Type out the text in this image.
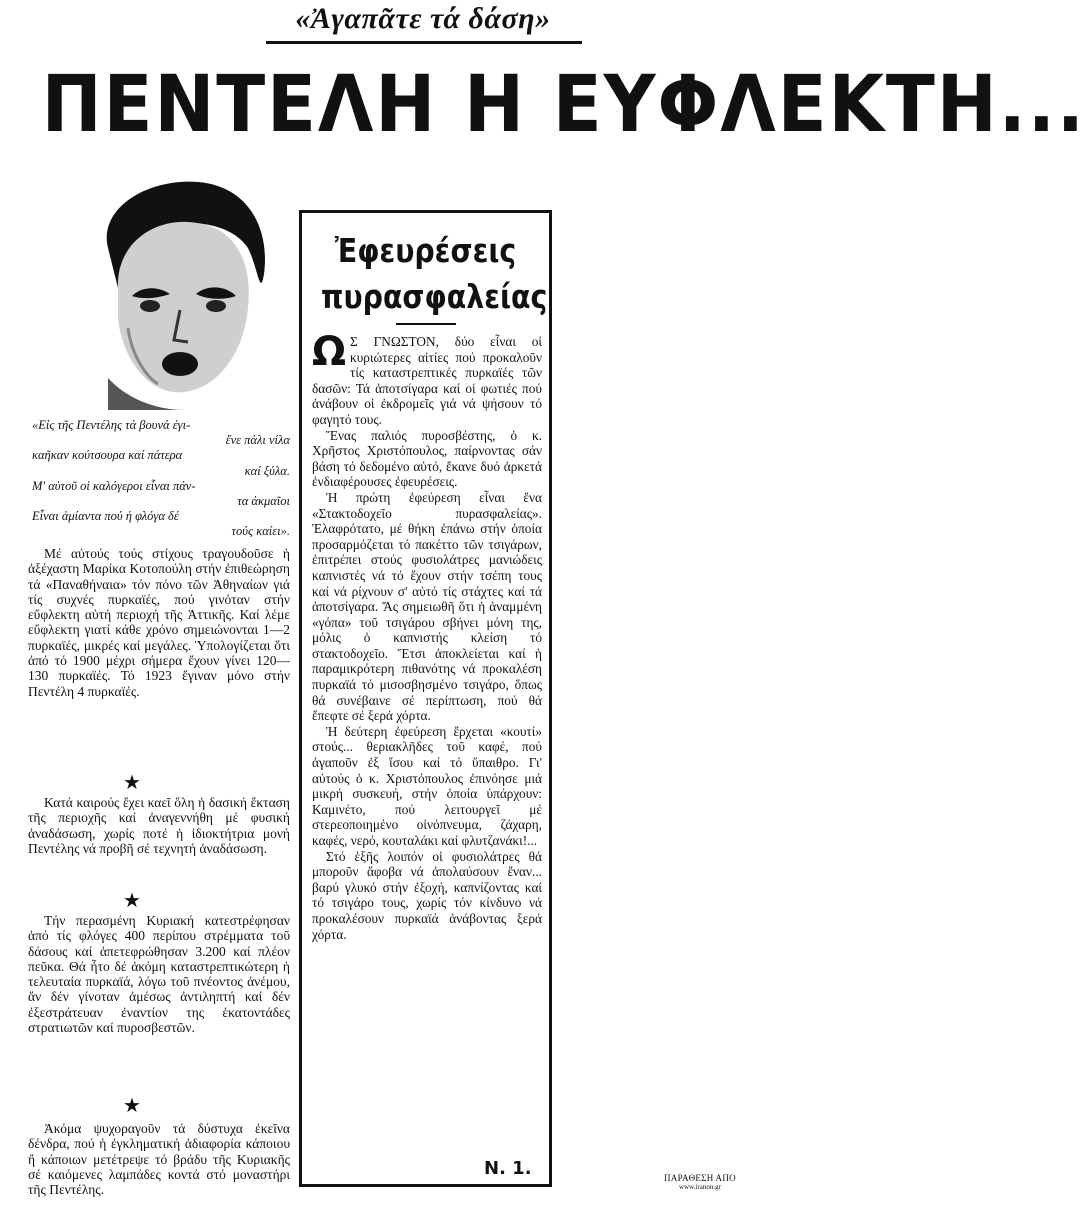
«Ἀγαπᾶτε τά δάση»
ΠΕΝΤΕΛΗ Η ΕΥΦΛΕΚΤΗ...
«Εἰς τῆς Πεντέλης τά βουνά ἐγι-
ἔνε πάλι νίλα
καῆκαν κούτσουρα καί πάτερα
καί ξύλα.
Μ' αὐτοῦ οἱ καλόγεροι εἶναι πάν-
τα ἀκμαῖοι
Εἶναι ἀμίαντα πού ἡ φλόγα δέ
τούς καίει».

Μέ αὐτούς τούς στίχους τραγουδοῦσε ἡ ἀξέχαστη Μαρίκα Κοτοπούλη στήν ἐπιθεώρηση τά «Παναθήναια» τόν πόνο τῶν Ἀθηναίων γιά τίς συχνές πυρκαϊές, πού γινόταν στήν εὔφλεκτη αὐτή περιοχή τῆς Ἀττικῆς. Καί λέμε εὔφλεκτη γιατί κάθε χρόνο σημειώνονται 1—2 πυρκαϊές, μικρές καί μεγάλες. Ὑπολογίζεται ὅτι ἀπό τό 1900 μέχρι σήμερα ἔχουν γίνει 120—130 πυρκαϊές. Τό 1923 ἔγιναν μόνο στήν Πεντέλη 4 πυρκαϊές.

★

Κατά καιρούς ἔχει καεῖ ὅλη ἡ δασική ἔκταση τῆς περιοχῆς καί ἀναγεννήθη μέ φυσική ἀναδάσωση, χωρίς ποτέ ἡ ἰδιοκτήτρια μονή Πεντέλης νά προβῆ σέ τεχνητή ἀναδάσωση.

★

Τήν περασμένη Κυριακή κατεστρέφησαν ἀπό τίς φλόγες 400 περίπου στρέμματα τοῦ δάσους καί ἀπετεφρώθησαν 3.200 καί πλέον πεῦκα. Θά ἦτο δέ ἀκόμη καταστρεπτικώτερη ἡ τελευταία πυρκαϊά, λόγω τοῦ πνέοντος ἀνέμου, ἄν δέν γίνοταν ἀμέσως ἀντιληπτή καί δέν ἐξεστράτευαν ἐναντίον της ἑκατοντάδες στρατιωτῶν καί πυροσβεστῶν.

★

Ἀκόμα ψυχοραγοῦν τά δύστυχα ἐκεῖνα δένδρα, πού ἡ ἐγκληματική ἀδιαφορία κάποιου ἤ κάποιων μετέτρεψε τό βράδυ τῆς Κυριακῆς σέ καιόμενες λαμπάδες κοντά στό μοναστήρι τῆς Πεντέλης.

Ἐφευρέσεις
πυρασφαλείας

Ω Σ ΓΝΩΣΤΟΝ, δύο εἶναι οἱ κυριώτερες αἰτίες πού προκαλοῦν τίς καταστρεπτικές πυρκαϊές τῶν δασῶν: Τά ἀποτσίγαρα καί οἱ φωτιές πού ἀνάβουν οἱ ἐκδρομεῖς γιά νά ψήσουν τό φαγητό τους.

Ἕνας παλιός πυροσβέστης, ὁ κ. Χρῆστος Χριστόπουλος, παίρνοντας σάν βάση τό δεδομένο αὐτό, ἔκανε δυό ἀρκετά ἐνδιαφέρουσες ἐφευρέσεις.

Ἡ πρώτη ἐφεύρεση εἶναι ἕνα «Στακτοδοχεῖο πυρασφαλείας». Ἐλαφρότατο, μέ θήκη ἐπάνω στήν ὁποία προσαρμόζεται τό πακέττο τῶν τσιγάρων, ἐπιτρέπει στούς φυσιολάτρες μανιώδεις καπνιστές νά τό ἔχουν στήν τσέπη τους καί νά ρίχνουν σ' αὐτό τίς στάχτες καί τά ἀποτσίγαρα. Ἄς σημειωθῆ ὅτι ἡ ἀναμμένη «γόπα» τοῦ τσιγάρου σβήνει μόνη της, μόλις ὁ καπνιστής κλείση τό στακτοδοχεῖο. Ἔτσι ἀποκλείεται καί ἡ παραμικρότερη πιθανότης νά προκαλέση πυρκαϊά τό μισοσβησμένο τσιγάρο, ὅπως θά συνέβαινε σέ περίπτωση, πού θά ἔπεφτε σέ ξερά χόρτα.

Ἡ δεύτερη ἐφεύρεση ἔρχεται «κουτί» στούς... θεριακλῆδες τοῦ καφέ, πού ἀγαποῦν ἐξ ἴσου καί τό ὕπαιθρο. Γι' αὐτούς ὁ κ. Χριστόπουλος ἐπινόησε μιά μικρή συσκευή, στήν ὁποία ὑπάρχουν: Καμινέτο, πού λειτουργεῖ μέ στερεοποιημένο οἰνόπνευμα, ζάχαρη, καφές, νερό, κουταλάκι καί φλυτζανάκι!...

Στό ἑξῆς λοιπόν οἱ φυσιολάτρες θά μποροῦν ἄφοβα νά ἀπολαύσουν ἕναν... βαρύ γλυκό στήν ἐξοχή, καπνίζοντας καί τό τσιγάρο τους, χωρίς τόν κίνδυνο νά προκαλέσουν πυρκαϊά ἀνάβοντας ξερά χόρτα.

Ν. 1.	ΠΑΡΑΘΕΣΗ ΑΠΟ
www.iranon.gr
